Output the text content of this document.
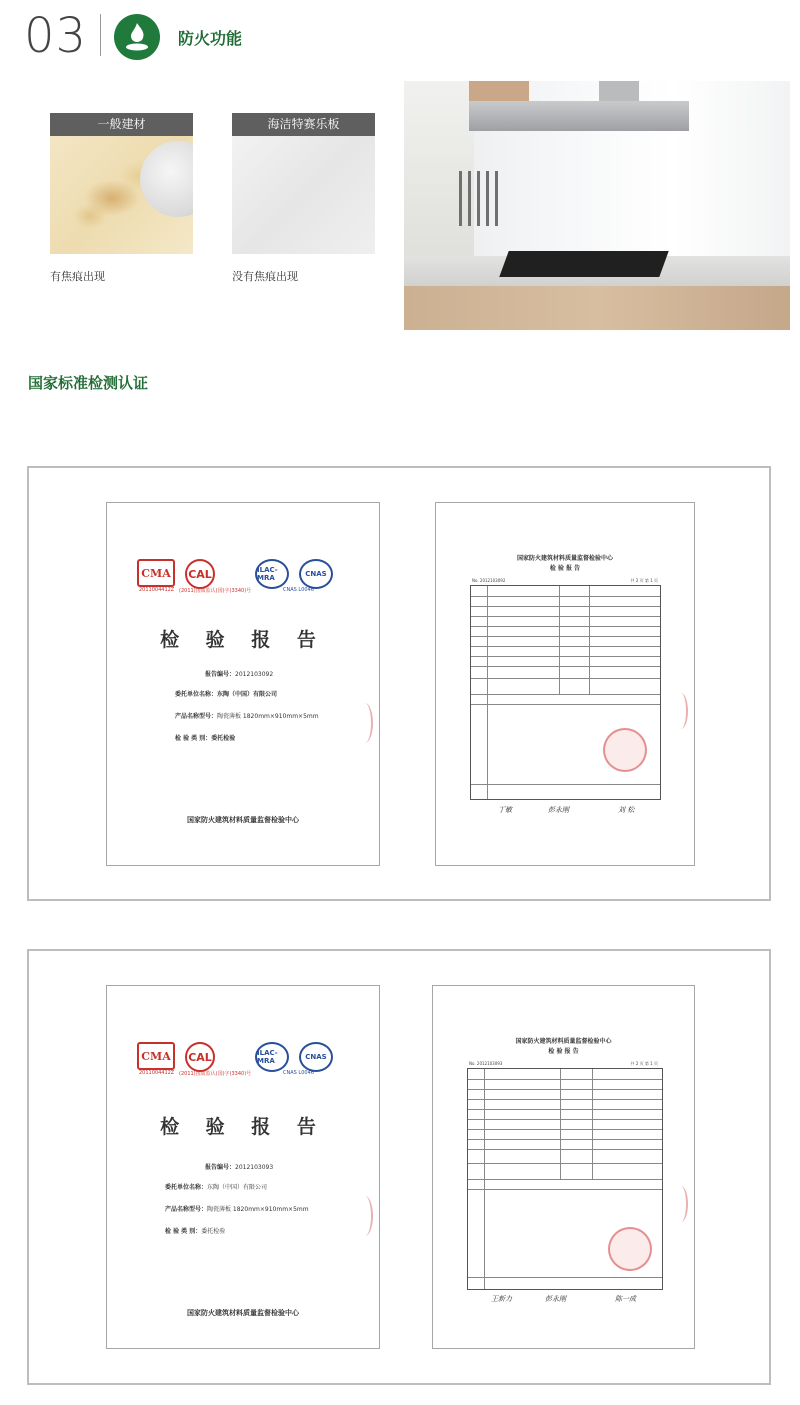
03	防火功能
一般建材
有焦痕出现
海洁特赛乐板
没有焦痕出现
国家标准检测认证
CMA	CAL	ILAC-MRA	CNAS
2011004412Z (2011)国质监认(国)字(3340)号	CNAS L0046
检 验 报 告
报告编号：2012103092
委托单位名称：东陶（中国）有限公司
产品名称型号：陶瓷薄板 1820mm×910mm×5mm
检 验 类 别：委托检验
国家防火建筑材料质量监督检验中心
国家防火建筑材料质量监督检验中心
检 验 报 告
No. 2012103092	共 2 页 第 1 页
丁敏	彭永刚	刘 松
CMA	CAL	ILAC-MRA	CNAS
2011004412Z (2011)国质监认(国)字(3340)号	CNAS L0046
检 验 报 告
报告编号：2012103093
委托单位名称：东陶（中国）有限公司
产品名称型号：陶瓷薄板 1820mm×910mm×5mm
检 验 类 别：委托检验
国家防火建筑材料质量监督检验中心
国家防火建筑材料质量监督检验中心
检 验 报 告
No. 2012103093	共 2 页 第 1 页
王新力	彭永刚	陈一成
